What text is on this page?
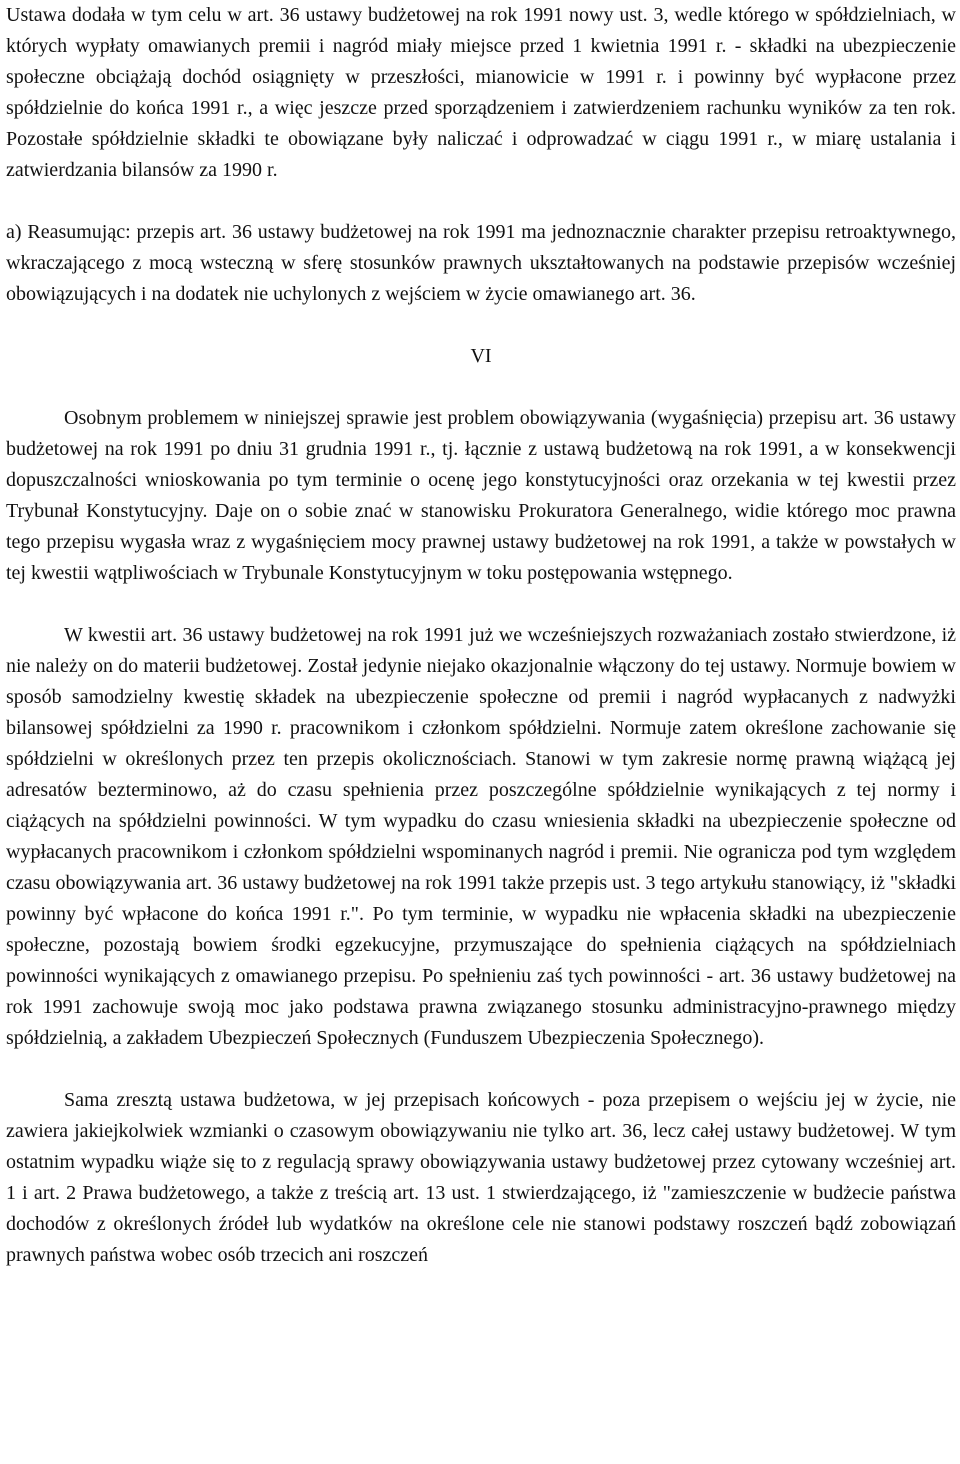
Ustawa dodała w tym celu w art. 36 ustawy budżetowej na rok 1991 nowy ust. 3, wedle którego w spółdzielniach, w których wypłaty omawianych premii i nagród miały miejsce przed 1 kwietnia 1991 r. - składki na ubezpieczenie społeczne obciążają dochód osiągnięty w przeszłości, mianowicie w 1991 r. i powinny być wypłacone przez spółdzielnie do końca 1991 r., a więc jeszcze przed sporządzeniem i zatwierdzeniem rachunku wyników za ten rok. Pozostałe spółdzielnie składki te obowiązane były naliczać i odprowadzać w ciągu 1991 r., w miarę ustalania i zatwierdzania bilansów za 1990 r.

a) Reasumując: przepis art. 36 ustawy budżetowej na rok 1991 ma jednoznacznie charakter przepisu retroaktywnego, wkraczającego z mocą wsteczną w sferę stosunków prawnych ukształtowanych na podstawie przepisów wcześniej obowiązujących i na dodatek nie uchylonych z wejściem w życie omawianego art. 36.

VI

Osobnym problemem w niniejszej sprawie jest problem obowiązywania (wygaśnięcia) przepisu art. 36 ustawy budżetowej na rok 1991 po dniu 31 grudnia 1991 r., tj. łącznie z ustawą budżetową na rok 1991, a w konsekwencji dopuszczalności wnioskowania po tym terminie o ocenę jego konstytucyjności oraz orzekania w tej kwestii przez Trybunał Konstytucyjny. Daje on o sobie znać w stanowisku Prokuratora Generalnego, widie którego moc prawna tego przepisu wygasła wraz z wygaśnięciem mocy prawnej ustawy budżetowej na rok 1991, a także w powstałych w tej kwestii wątpliwościach w Trybunale Konstytucyjnym w toku postępowania wstępnego.

W kwestii art. 36 ustawy budżetowej na rok 1991 już we wcześniejszych rozważaniach zostało stwierdzone, iż nie należy on do materii budżetowej. Został jedynie niejako okazjonalnie włączony do tej ustawy. Normuje bowiem w sposób samodzielny kwestię składek na ubezpieczenie społeczne od premii i nagród wypłacanych z nadwyżki bilansowej spółdzielni za 1990 r. pracownikom i członkom spółdzielni. Normuje zatem określone zachowanie się spółdzielni w określonych przez ten przepis okolicznościach. Stanowi w tym zakresie normę prawną wiążącą jej adresatów bezterminowo, aż do czasu spełnienia przez poszczególne spółdzielnie wynikających z tej normy i ciążących na spółdzielni powinności. W tym wypadku do czasu wniesienia składki na ubezpieczenie społeczne od wypłacanych pracownikom i członkom spółdzielni wspominanych nagród i premii. Nie ogranicza pod tym względem czasu obowiązywania art. 36 ustawy budżetowej na rok 1991 także przepis ust. 3 tego artykułu stanowiący, iż "składki powinny być wpłacone do końca 1991 r.". Po tym terminie, w wypadku nie wpłacenia składki na ubezpieczenie społeczne, pozostają bowiem środki egzekucyjne, przymuszające do spełnienia ciążących na spółdzielniach powinności wynikających z omawianego przepisu. Po spełnieniu zaś tych powinności - art. 36 ustawy budżetowej na rok 1991 zachowuje swoją moc jako podstawa prawna związanego stosunku administracyjno-prawnego między spółdzielnią, a zakładem Ubezpieczeń Społecznych (Funduszem Ubezpieczenia Społecznego).

Sama zresztą ustawa budżetowa, w jej przepisach końcowych - poza przepisem o wejściu jej w życie, nie zawiera jakiejkolwiek wzmianki o czasowym obowiązywaniu nie tylko art. 36, lecz całej ustawy budżetowej. W tym ostatnim wypadku wiąże się to z regulacją sprawy obowiązywania ustawy budżetowej przez cytowany wcześniej art. 1 i art. 2 Prawa budżetowego, a także z treścią art. 13 ust. 1 stwierdzającego, iż "zamieszczenie w budżecie państwa dochodów z określonych źródeł lub wydatków na określone cele nie stanowi podstawy roszczeń bądź zobowiązań prawnych państwa wobec osób trzecich ani roszczeń
